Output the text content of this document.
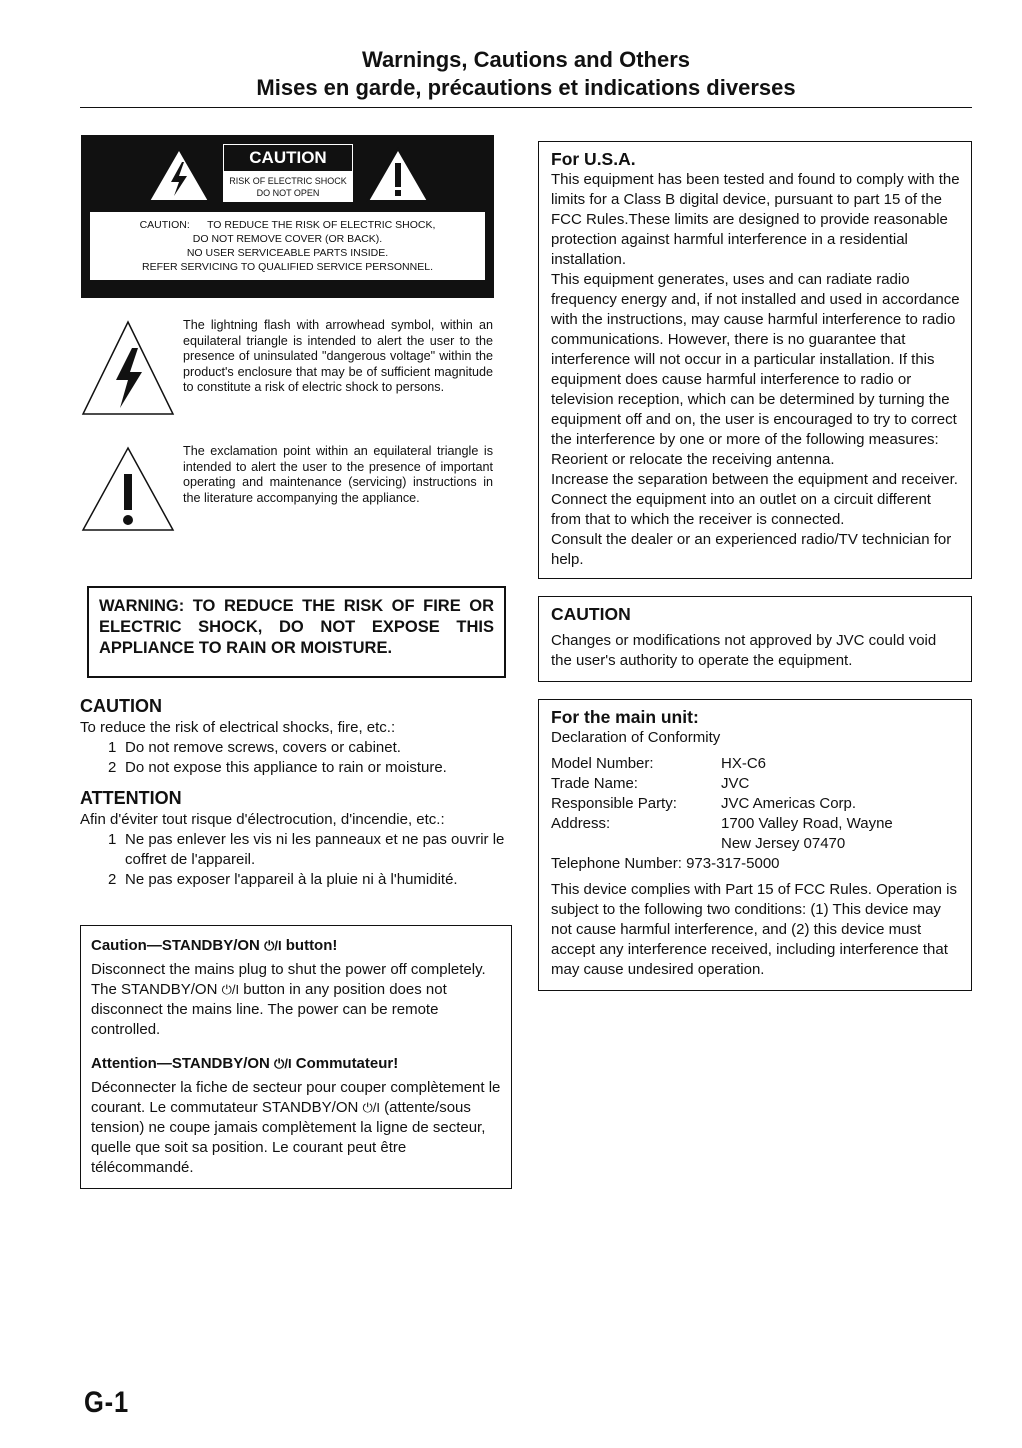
Warnings, Cautions and Others
Mises en garde, précautions et indications diverses
CAUTION
RISK OF ELECTRIC SHOCK
DO NOT OPEN
CAUTION:      TO REDUCE THE RISK OF ELECTRIC SHOCK,
DO NOT REMOVE COVER (OR BACK).
NO USER SERVICEABLE PARTS INSIDE.
REFER SERVICING TO QUALIFIED SERVICE PERSONNEL.
The lightning flash with arrowhead symbol, within an equilateral triangle is intended to alert the user to the presence of uninsulated "dangerous voltage" within the product's enclosure that may be of sufficient magnitude to constitute a risk of electric shock to persons.
The exclamation point within an equilateral triangle is intended to alert the user to the presence of important operating and maintenance (servicing) instructions in the literature accompanying the appliance.
WARNING: TO REDUCE THE RISK OF FIRE OR ELECTRIC SHOCK, DO NOT EXPOSE THIS APPLIANCE TO RAIN OR MOISTURE.
CAUTION
To reduce the risk of electrical shocks, fire, etc.:
1 Do not remove screws, covers or cabinet.
2 Do not expose this appliance to rain or moisture.
ATTENTION
Afin d'éviter tout risque d'électrocution, d'incendie, etc.:
1 Ne pas enlever les vis ni les panneaux et ne pas ouvrir le coffret de l'appareil.
2 Ne pas exposer l'appareil à la pluie ni à l'humidité.
Caution—STANDBY/ON ⏻/I button!
Disconnect the mains plug to shut the power off completely. The STANDBY/ON ⏻/I button in any position does not disconnect the mains line. The power can be remote controlled.
Attention—STANDBY/ON ⏻/I Commutateur!
Déconnecter la fiche de secteur pour couper complètement le courant. Le commutateur STANDBY/ON ⏻/I (attente/sous tension) ne coupe jamais complètement la ligne de secteur, quelle que soit sa position. Le courant peut être télécommandé.
For U.S.A.
This equipment has been tested and found to comply with the limits for a Class B digital device, pursuant to part 15 of the FCC Rules.These limits are designed to provide reasonable protection against harmful interference in a residential installation.
This equipment generates, uses and can radiate radio frequency energy and, if not installed and used in accordance with the instructions, may cause harmful interference to radio communications. However, there is no guarantee that interference will not occur in a particular installation. If this equipment does cause harmful interference to radio or television reception, which can be determined by turning the equipment off and on, the user is encouraged to try to correct the interference by one or more of the following measures:
Reorient or relocate the receiving antenna.
Increase the separation between the equipment and receiver.
Connect the equipment into an outlet on a circuit different from that to which the receiver is connected.
Consult the dealer or an experienced radio/TV technician for help.
CAUTION
Changes or modifications not approved by JVC could void the user's authority to operate the equipment.
For the main unit:
Declaration of Conformity
Model Number:	HX-C6
Trade Name:	JVC
Responsible Party:	JVC Americas Corp.
Address:	1700 Valley Road, Wayne
	New Jersey 07470
Telephone Number: 973-317-5000
This device complies with Part 15 of FCC Rules. Operation is subject to the following two conditions: (1) This device may not cause harmful interference, and (2) this device must accept any interference received, including interference that may cause undesired operation.
G-1
